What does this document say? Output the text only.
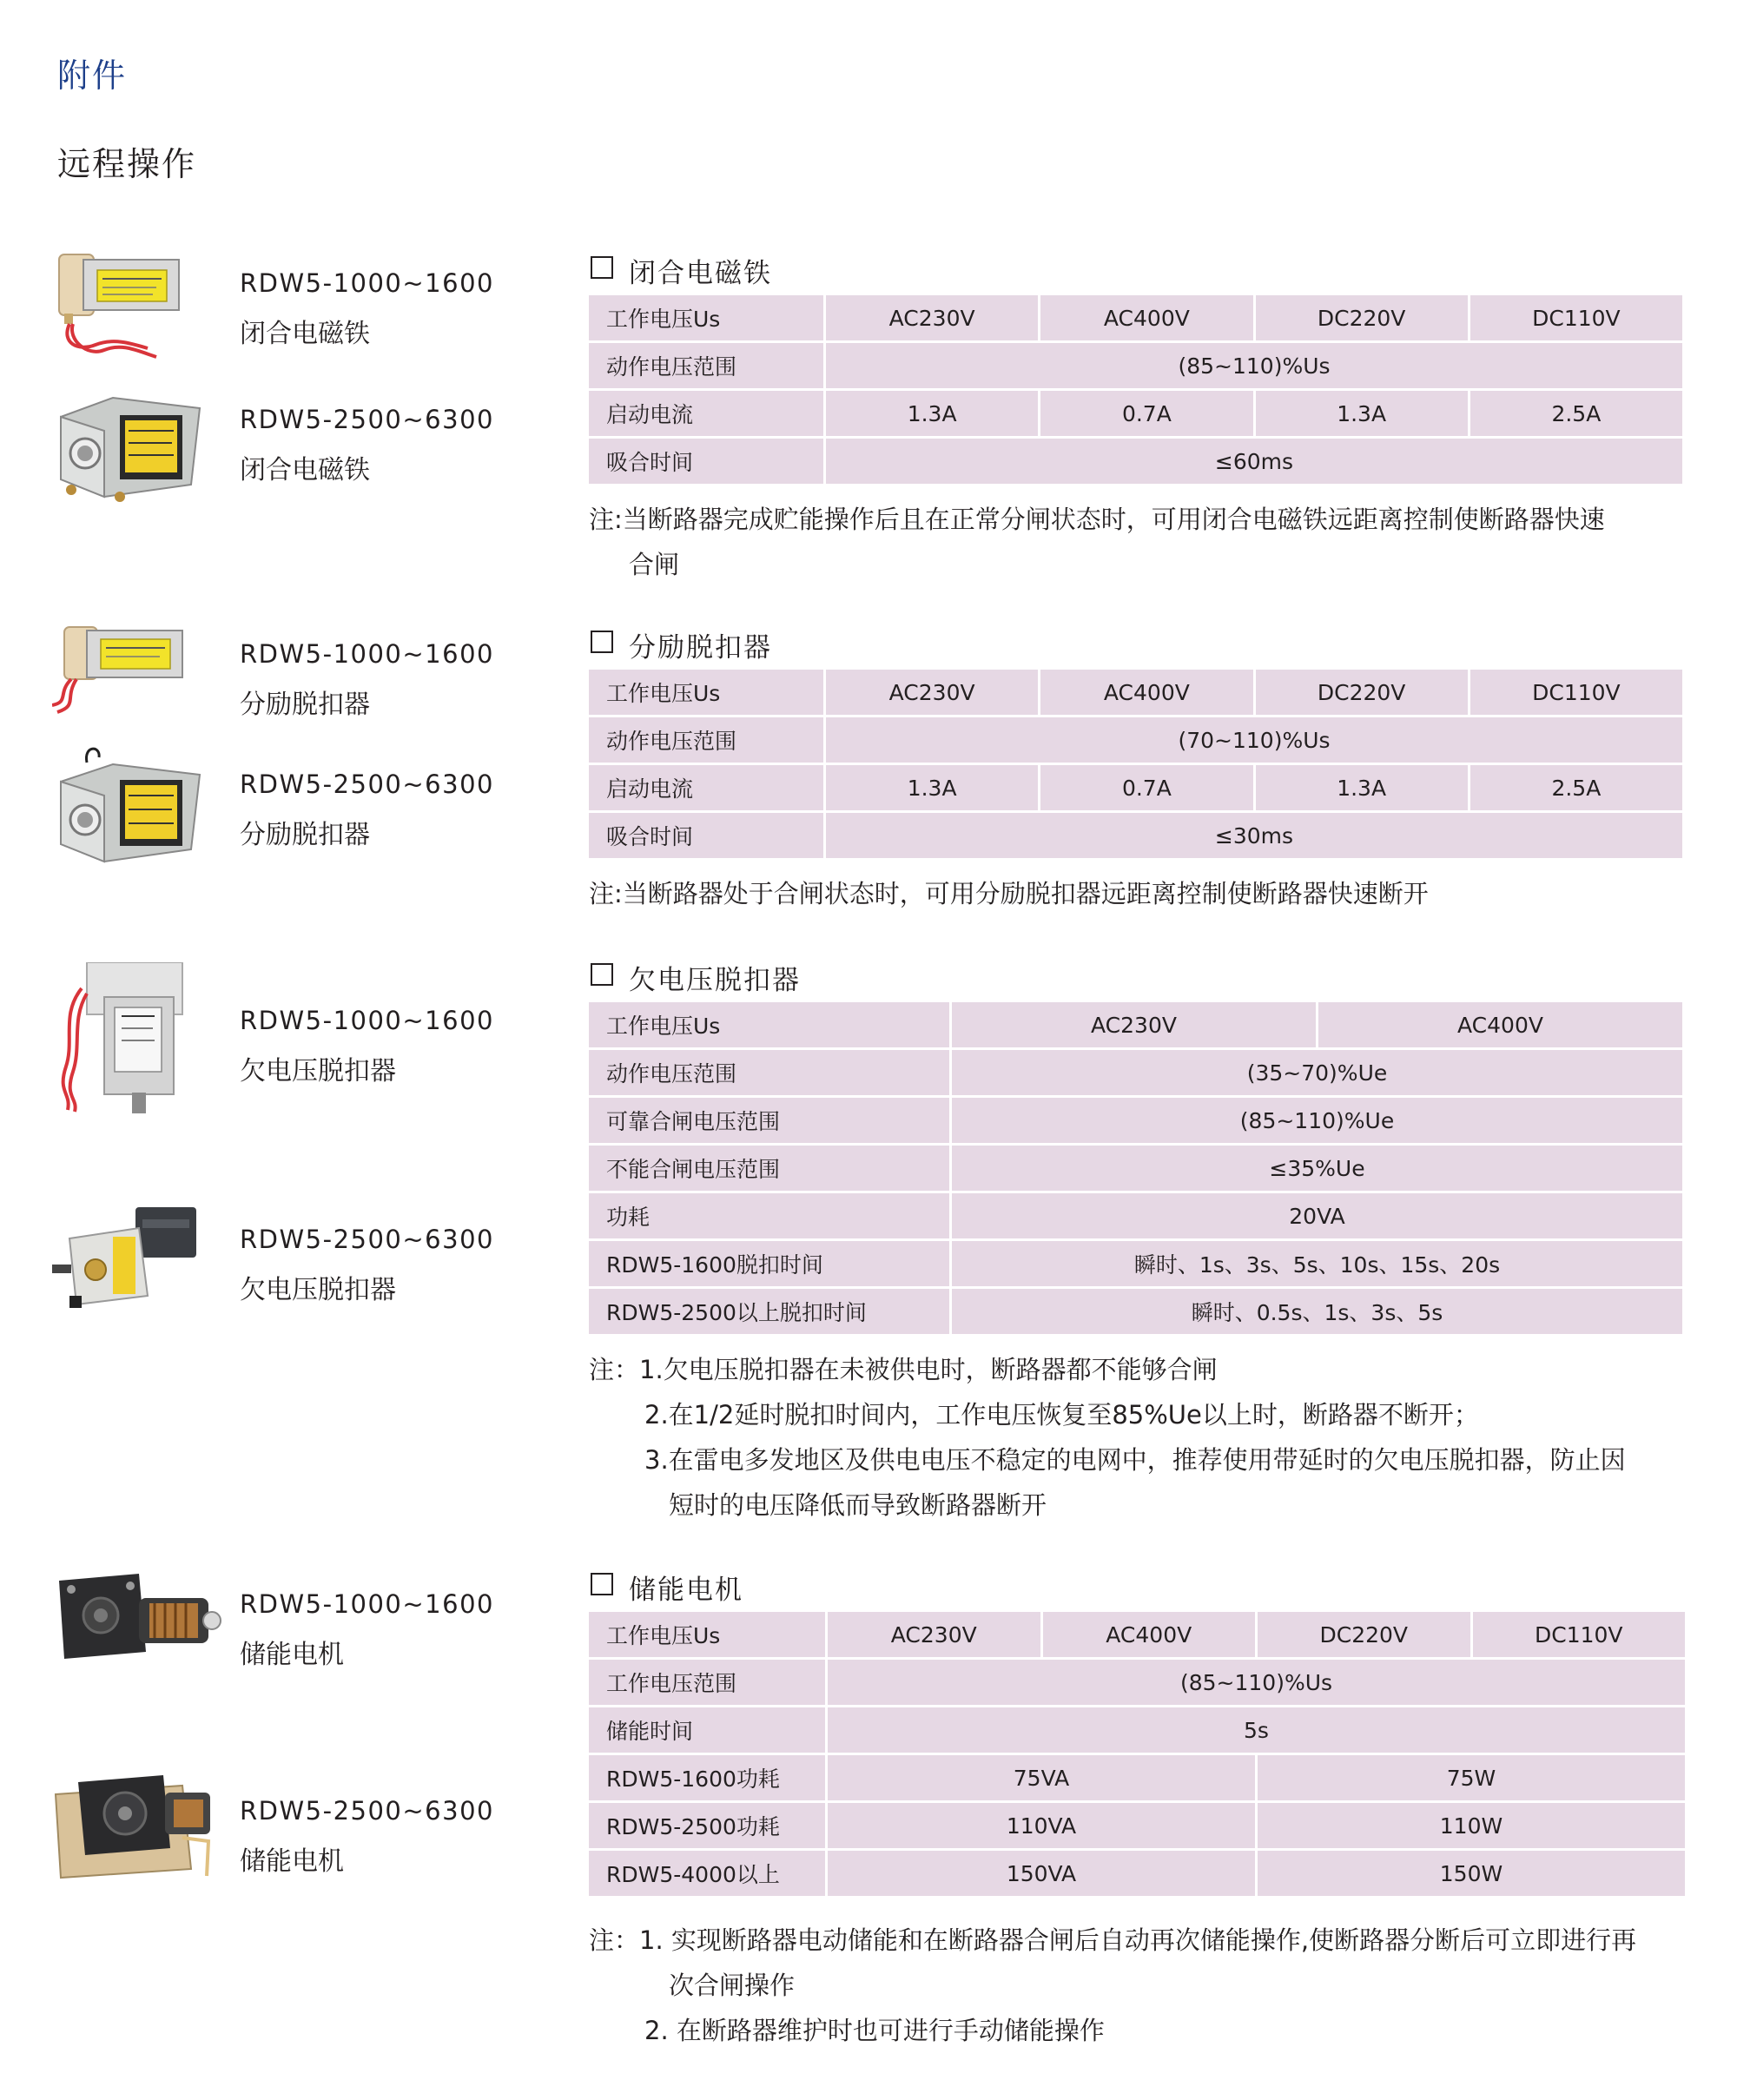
附件
远程操作
RDW5-1000~1600
闭合电磁铁
RDW5-2500~6300
闭合电磁铁
RDW5-1000~1600
分励脱扣器
RDW5-2500~6300
分励脱扣器
RDW5-1000~1600
欠电压脱扣器
RDW5-2500~6300
欠电压脱扣器
RDW5-1000~1600
储能电机
RDW5-2500~6300
储能电机
闭合电磁铁
工作电压Us	AC230V	AC400V	DC220V	DC110V
动作电压范围	(85~110)%Us			
启动电流	1.3A	0.7A	1.3A	2.5A
吸合时间	≤60ms			
注:当断路器完成贮能操作后且在正常分闸状态时，可用闭合电磁铁远距离控制使断路器快速
合闸
分励脱扣器
工作电压Us	AC230V	AC400V	DC220V	DC110V
动作电压范围	(70~110)%Us			
启动电流	1.3A	0.7A	1.3A	2.5A
吸合时间	≤30ms			
注:当断路器处于合闸状态时，可用分励脱扣器远距离控制使断路器快速断开
欠电压脱扣器
工作电压Us	AC230V	AC400V
动作电压范围	(35~70)%Ue	
可靠合闸电压范围	(85~110)%Ue	
不能合闸电压范围	≤35%Ue	
功耗	20VA	
RDW5-1600脱扣时间	瞬时、1s、3s、5s、10s、15s、20s	
RDW5-2500以上脱扣时间	瞬时、0.5s、1s、3s、5s	
注：1.欠电压脱扣器在未被供电时，断路器都不能够合闸
2.在1/2延时脱扣时间内，工作电压恢复至85%Ue以上时，断路器不断开；
3.在雷电多发地区及供电电压不稳定的电网中，推荐使用带延时的欠电压脱扣器，防止因
短时的电压降低而导致断路器断开
储能电机
工作电压Us	AC230V	AC400V	DC220V	DC110V
工作电压范围	(85~110)%Us			
储能时间	5s			
RDW5-1600功耗	75VA		75W	
RDW5-2500功耗	110VA		110W	
RDW5-4000以上	150VA		150W	
注：1. 实现断路器电动储能和在断路器合闸后自动再次储能操作,使断路器分断后可立即进行再
次合闸操作
2. 在断路器维护时也可进行手动储能操作
